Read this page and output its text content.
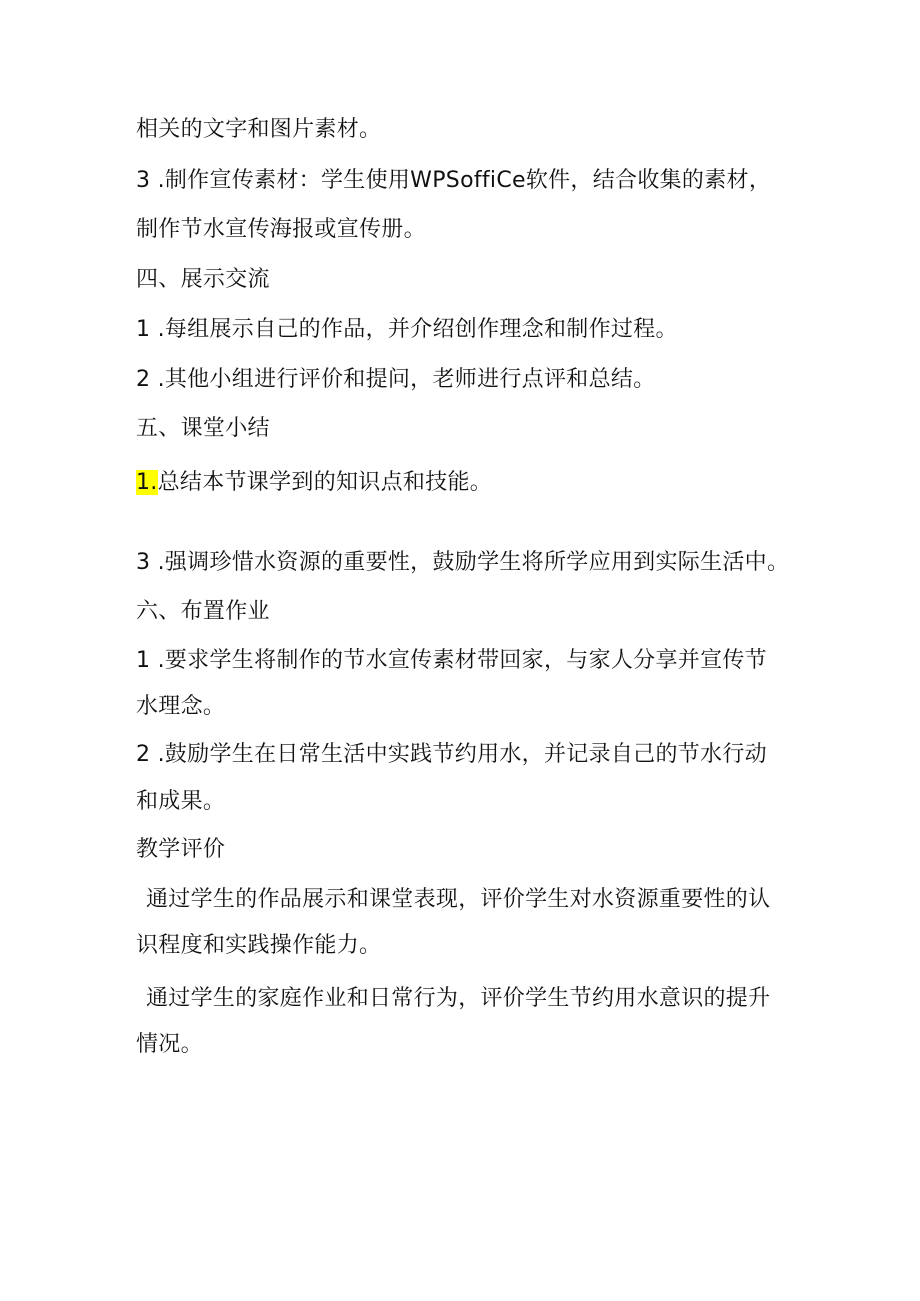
相关的文字和图片素材。
3 .制作宣传素材：学生使用WPSoffiCe软件，结合收集的素材，
制作节水宣传海报或宣传册。
四、展示交流
1 .每组展示自己的作品，并介绍创作理念和制作过程。
2 .其他小组进行评价和提问，老师进行点评和总结。
五、课堂小结
1.总结本节课学到的知识点和技能。
3 .强调珍惜水资源的重要性，鼓励学生将所学应用到实际生活中。
六、布置作业
1 .要求学生将制作的节水宣传素材带回家，与家人分享并宣传节
水理念。
2 .鼓励学生在日常生活中实践节约用水，并记录自己的节水行动
和成果。
教学评价
通过学生的作品展示和课堂表现，评价学生对水资源重要性的认
识程度和实践操作能力。
通过学生的家庭作业和日常行为，评价学生节约用水意识的提升
情况。
